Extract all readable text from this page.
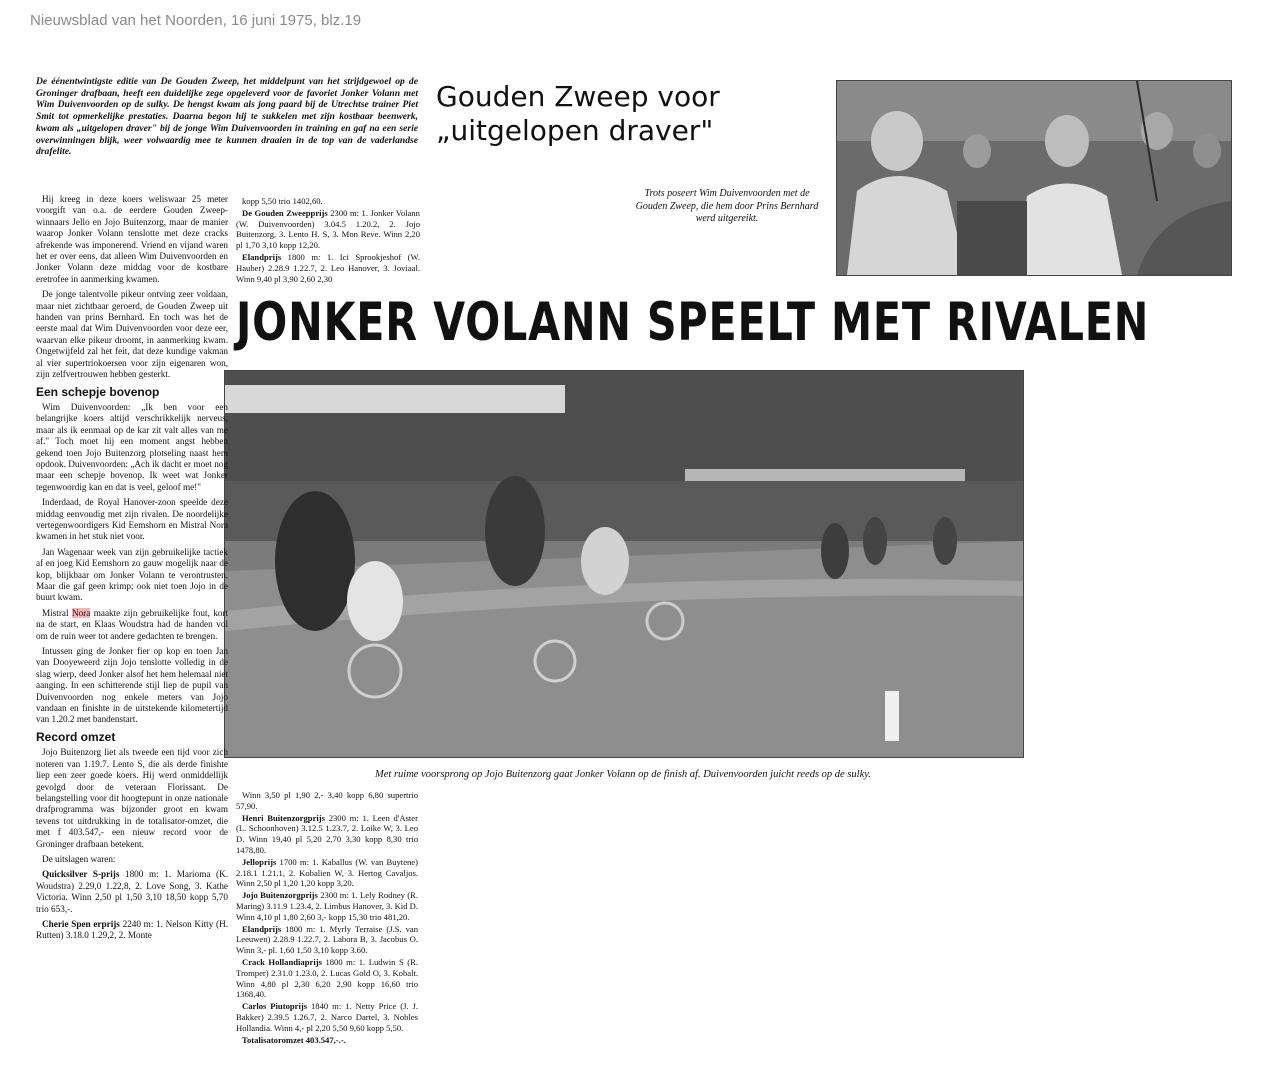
Nieuwsblad van het Noorden, 16 juni 1975, blz.19
De éénentwintigste editie van De Gouden Zweep, het middelpunt van het strijdgewoel op de Groninger drafbaan, heeft een duidelijke zege opgeleverd voor de favoriet Jonker Volann met Wim Duivenvoorden op de sulky. De hengst kwam als jong paard bij de Utrechtse trainer Piet Smit tot opmerkelijke prestaties. Daarna begon hij te sukkelen met zijn kostbaar beenwerk, kwam als „uitgelopen draver" bij de jonge Wim Duivenvoorden in training en gaf na een serie overwinningen blijk, weer volwaardig mee te kunnen draaien in de top van de vaderlandse drafelite.
Gouden Zweep voor
„uitgelopen draver"
Trots poseert Wim Duivenvoorden met de Gouden Zweep, die hem door Prins Bernhard werd uitgereikt.
JONKER VOLANN SPEELT MET RIVALEN
Met ruime voorsprong op Jojo Buitenzorg gaat Jonker Volann op de finish af. Duivenvoorden juicht reeds op de sulky.

Hij kreeg in deze koers weliswaar 25 meter voorgift van o.a. de eerdere Gouden Zweep-winnaars Jello en Jojo Buitenzorg, maar de manier waarop Jonker Volann tenslotte met deze cracks afrekende was imponerend. Vriend en vijand waren het er over eens, dat alleen Wim Duivenvoorden en Jonker Volann deze middag voor de kostbare eretrofee in aanmerking kwamen.

De jonge talentvolle pikeur ontving zeer voldaan, maar niet zichtbaar geroerd, de Gouden Zweep uit handen van prins Bernhard. En toch was het de eerste maal dat Wim Duivenvoorden voor deze eer, waarvan elke pikeur droomt, in aanmerking kwam. Ongetwijfeld zal het feit, dat deze kundige vakman al vier supertriokoersen voor zijn eigenaren won, zijn zelfvertrouwen hebben gesterkt.

Een schepje bovenop

Wim Duivenvoorden: „Ik ben voor een belangrijke koers altijd verschrikkelijk nerveus, maar als ik eenmaal op de kar zit valt alles van me af." Toch moet hij een moment angst hebben gekend toen Jojo Buitenzorg plotseling naast hem opdook. Duivenvoorden: „Ach ik dacht er moet nog maar een schepje bovenop. Ik weet wat Jonker tegenwoordig kan en dat is veel, geloof me!"

Inderdaad, de Royal Hanover-zoon speelde deze middag eenvoudig met zijn rivalen. De noordelijke vertegenwoordigers Kid Eemshorn en Mistral Nora kwamen in het stuk niet voor.

Jan Wagenaar week van zijn gebruikelijke tactiek af en joeg Kid Eemshorn zo gauw mogelijk naar de kop, blijkbaar om Jonker Volann te verontrusten. Maar die gaf geen krimp; ook niet toen Jojo in de buurt kwam.

Mistral Nora maakte zijn gebruikelijke fout, kort na de start, en Klaas Woudstra had de handen vol om de ruin weer tot andere gedachten te brengen.

Intussen ging de Jonker fier op kop en toen Jan van Dooyeweerd zijn Jojo tenslotte volledig in de slag wierp, deed Jonker alsof het hem helemaal niet aanging. In een schitterende stijl liep de pupil van Duivenvoorden nog enkele meters van Jojo vandaan en finishte in de uitstekende kilometertijd van 1.20.2 met bandenstart.

Record omzet

Jojo Buitenzorg liet als tweede een tijd voor zich noteren van 1.19.7. Lento S, die als derde finishte liep een zeer goede koers. Hij werd onmiddellijk gevolgd door de veteraan Florissant. De belangstelling voor dit hoogtepunt in onze nationale drafprogramma was bijzonder groot en kwam tevens tot uitdrukking in de totalisator-omzet, die met f 403.547,- een nieuw record voor de Groninger drafbaan betekent.

De uitslagen waren:

Quicksilver S-prijs 1800 m: 1. Marioma (K. Woudstra) 2.29,0 1.22,8, 2. Love Song, 3. Kathe Victoria. Winn 2,50 pl 1,50 3,10 18,50 kopp 5,70 trio 653,-.

Cherie Spen erprijs 2240 m: 1. Nelson Kitty (H. Rutten) 3.18.0 1.29,2, 2. Monte

kopp 5,50 trio 1402,60.

De Gouden Zweepprijs 2300 m: 1. Jonker Volann (W. Duivenvoorden) 3.04.5 1.20.2, 2. Jojo Buitenzorg, 3. Lento H. S, 3. Mon Reve. Winn 2,20 pl 1,70 3,10 kopp 12,20.

Elandprijs 1800 m: 1. Ici Sprookjeshof (W. Hauber) 2.28.9 1.22.7, 2. Leo Hanover, 3. Joviaal. Winn 9,40 pl 3,90 2,60 2,30

Winn 3,50 pl 1,90 2,- 3,40 kopp 6,80 supertrio 57,90.

Henri Buitenzorgprijs 2300 m: 1. Leen d'Aster (L. Schoonhoven) 3.12.5 1.23.7, 2. Loike W, 3. Leo D. Winn 19,40 pl 5,20 2,70 3,30 kopp 8,30 trio 1478,80.

Jelloprijs 1700 m: 1. Kaballus (W. van Buytene) 2.18.1 1.21.1, 2. Kobalien W, 3. Hertog Cavaljos. Winn 2,50 pl 1,20 1,20 kopp 3,20.

Jojo Buitenzorgprijs 2300 m: 1. Lely Rodney (R. Maring) 3.11.9 1.23.4, 2. Limbus Hanover, 3. Kid D. Winn 4,10 pl 1,80 2,60 3,- kopp 15,30 trio 481,20.

Elandprijs 1800 m: 1. Myrly Terraise (J.S. van Leeuwen) 2.28.9 1.22.7, 2. Labora B, 3. Jacobus O. Winn 3,- pl. 1,60 1,50 3,10 kopp 3.60.

Crack Hollandiaprijs 1800 m: 1. Ludwin S (R. Tromper) 2.31.0 1.23.0, 2. Lucas Gold O, 3. Kobalt. Winn 4,80 pl 2,30 6,20 2,90 kopp 16,60 trio 1368,40.

Carlos Piutoprijs 1840 m: 1. Netty Price (J. J. Bakker) 2.39.5 1.26.7, 2. Narco Dartel, 3. Nobles Hollandia. Winn 4,- pl 2,20 5,50 9,60 kopp 5,50.

Totalisatoromzet 403.547,-.-.
